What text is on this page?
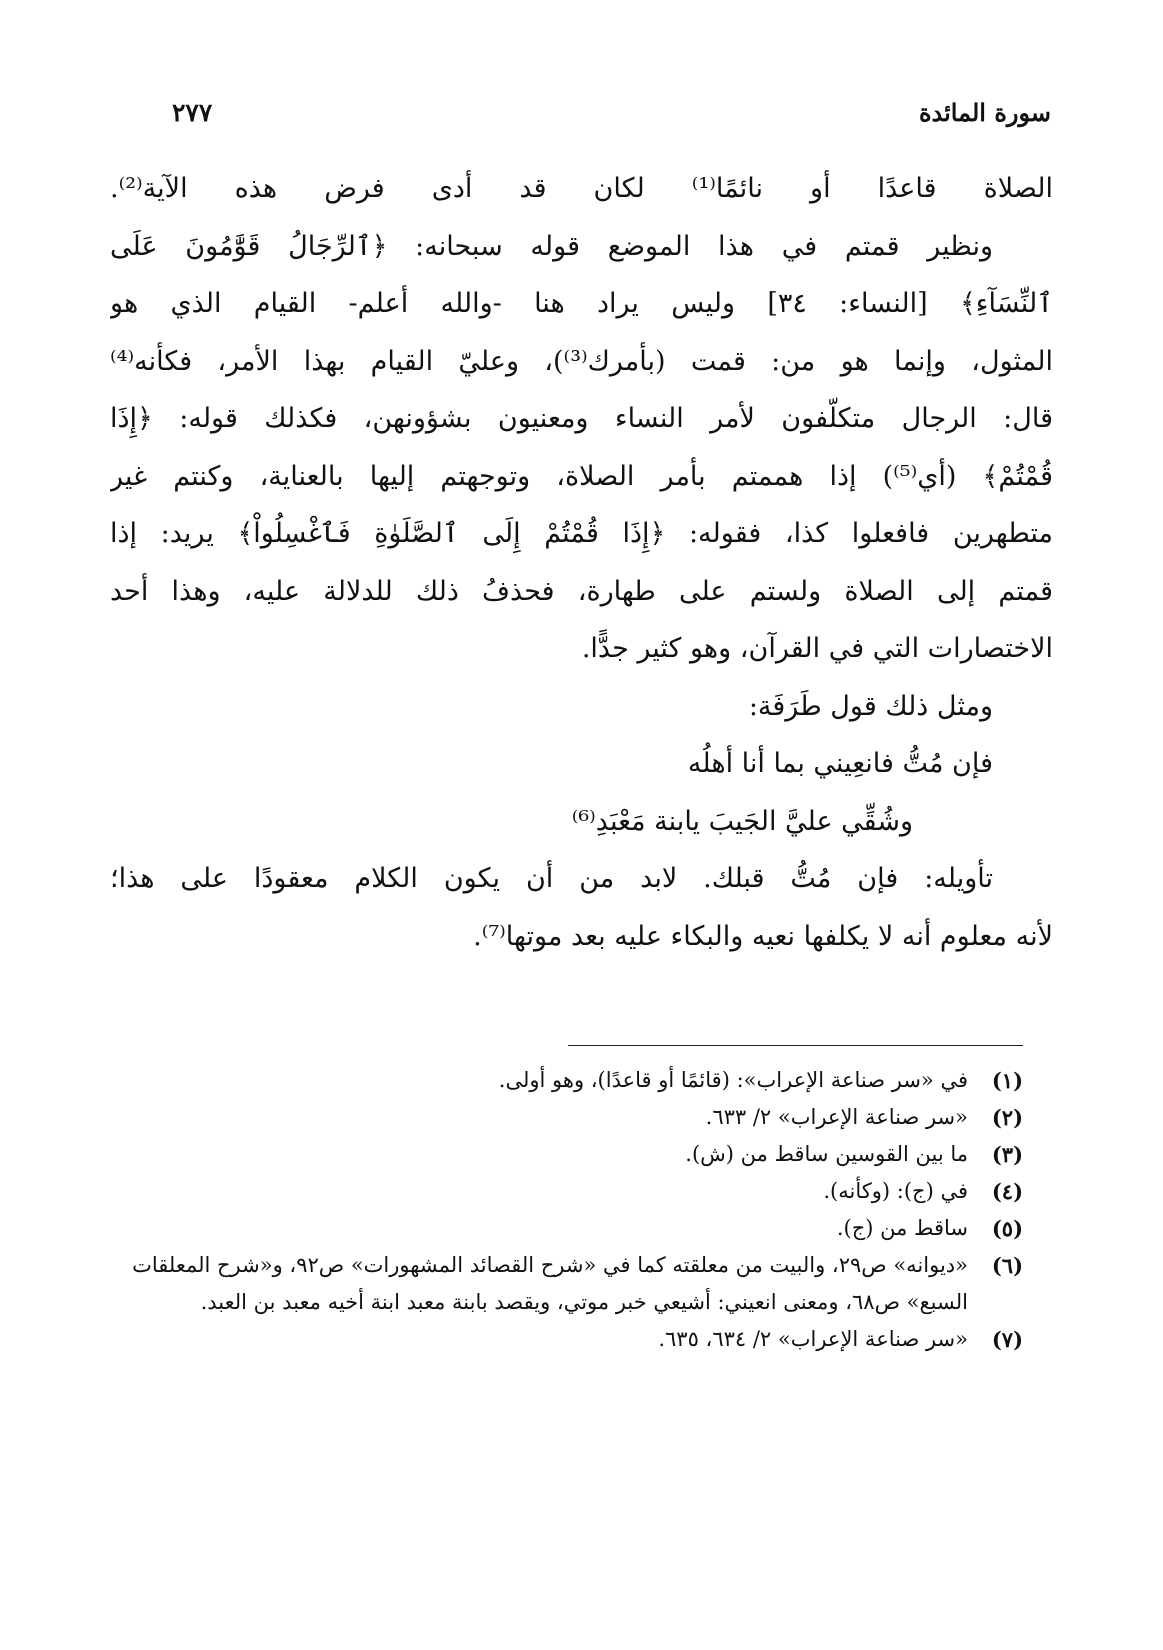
سورة المائدة
٢٧٧
الصلاة قاعدًا أو نائمًا⁽¹⁾ لكان قد أدى فرض هذه الآية⁽²⁾.
ونظير قمتم في هذا الموضع قوله سبحانه: ﴿ٱلرِّجَالُ قَوَّٰمُونَ عَلَى
ٱلنِّسَآءِ﴾ [النساء: ٣٤] وليس يراد هنا -والله أعلم- القيام الذي هو
المثول، وإنما هو من: قمت (بأمرك⁽³⁾)، وعليّ القيام بهذا الأمر، فكأنه⁽⁴⁾
قال: الرجال متكلّفون لأمر النساء ومعنيون بشؤونهن، فكذلك قوله: ﴿إِذَا
قُمْتُمْ﴾ (أي⁽⁵⁾) إذا هممتم بأمر الصلاة، وتوجهتم إليها بالعناية، وكنتم غير
متطهرين فافعلوا كذا، فقوله: ﴿إِذَا قُمْتُمْ إِلَى ٱلصَّلَوٰةِ فَٱغْسِلُواْ﴾ يريد: إذا
قمتم إلى الصلاة ولستم على طهارة، فحذفُ ذلك للدلالة عليه، وهذا أحد
الاختصارات التي في القرآن، وهو كثير جدًّا.
ومثل ذلك قول طَرَفَة:
فإن مُتُّ فانعِيني بما أنا أهلُه
وشُقِّي عليَّ الجَيبَ يابنة مَعْبَدِ⁽⁶⁾
تأويله: فإن مُتُّ قبلك. لابد من أن يكون الكلام معقودًا على هذا؛
لأنه معلوم أنه لا يكلفها نعيه والبكاء عليه بعد موتها⁽⁷⁾.
(١)
في «سر صناعة الإعراب»: (قائمًا أو قاعدًا)، وهو أولى.
(٢)
«سر صناعة الإعراب» ٢/ ٦٣٣.
(٣)
ما بين القوسين ساقط من (ش).
(٤)
في (ج): (وكأنه).
(٥)
ساقط من (ج).
(٦)
«ديوانه» ص٢٩، والبيت من معلقته كما في «شرح القصائد المشهورات» ص٩٢، و«شرح المعلقات السبع» ص٦٨، ومعنى انعيني: أشيعي خبر موتي، ويقصد بابنة معبد ابنة أخيه معبد بن العبد.
(٧)
«سر صناعة الإعراب» ٢/ ٦٣٤، ٦٣٥.
